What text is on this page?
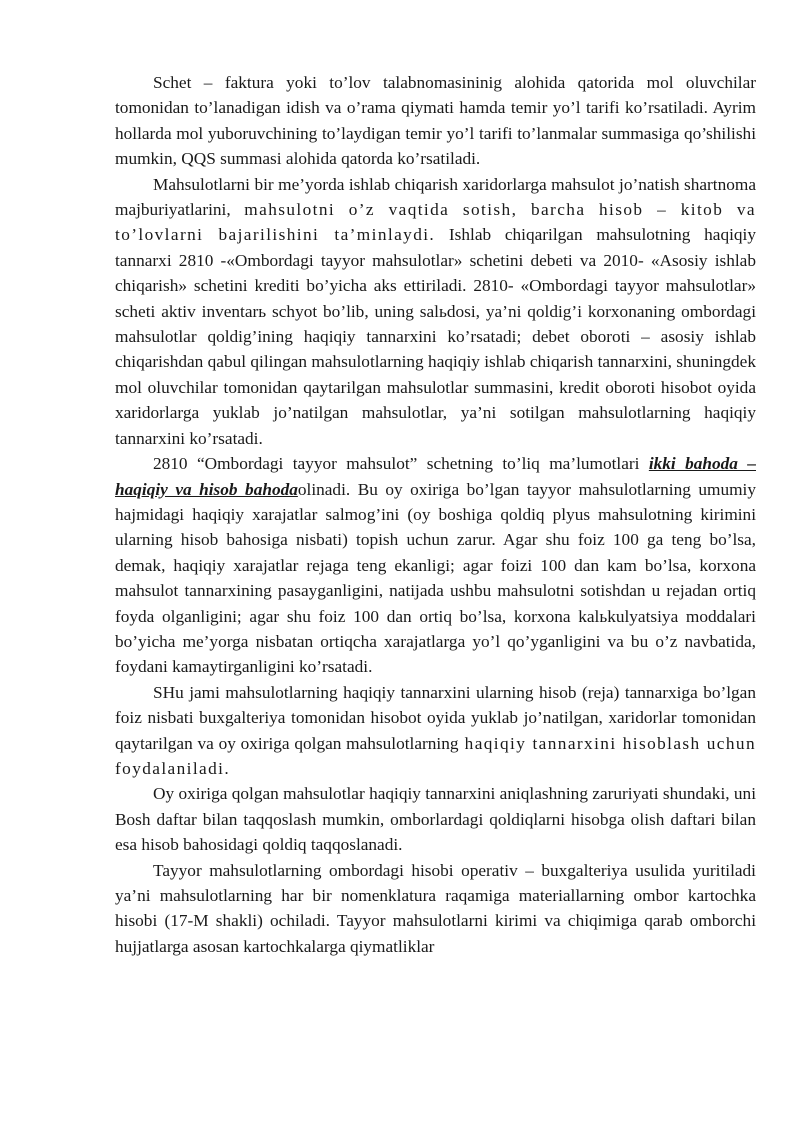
Schet – faktura yoki to’lov talabnomasininig alohida qatorida mol oluvchilar tomonidan to’lanadigan idish va o’rama qiymati hamda temir yo’l tarifi ko’rsatiladi. Ayrim hollarda mol yuboruvchining to’laydigan temir yo’l tarifi to’lanmalar summasiga qo’shilishi mumkin, QQS summasi alohida qatorda ko’rsatiladi.

Mahsulotlarni bir me’yorda ishlab chiqarish xaridorlarga mahsulot jo’natish shartnoma majburiyatlarini, mahsulotni o’z vaqtida sotish, barcha hisob – kitob va to’lovlarni bajarilishini ta’minlaydi. Ishlab chiqarilgan mahsulotning haqiqiy tannarxi 2810 -«Ombordagi tayyor mahsulotlar» schetini debeti va 2010- «Asosiy ishlab chiqarish» schetini krediti bo’yicha aks ettiriladi. 2810- «Ombordagi tayyor mahsulotlar» scheti aktiv inventarь schyot bo’lib, uning salьdosi, ya’ni qoldig’i korxonaning ombordagi mahsulotlar qoldig’ining haqiqiy tannarxini ko’rsatadi; debet oboroti – asosiy ishlab chiqarishdan qabul qilingan mahsulotlarning haqiqiy ishlab chiqarish tannarxini, shuningdek mol oluvchilar tomonidan qaytarilgan mahsulotlar summasini, kredit oboroti hisobot oyida xaridorlarga yuklab jo’natilgan mahsulotlar, ya’ni sotilgan mahsulotlarning haqiqiy tannarxini ko’rsatadi.

2810 “Ombordagi tayyor mahsulot” schetning to’liq ma’lumotlari ikki bahoda – haqiqiy va hisob bahodaolinadi. Bu oy oxiriga bo’lgan tayyor mahsulotlarning umumiy hajmidagi haqiqiy xarajatlar salmog’ini (oy boshiga qoldiq plyus mahsulotning kirimini ularning hisob bahosiga nisbati) topish uchun zarur. Agar shu foiz 100 ga teng bo’lsa, demak, haqiqiy xarajatlar rejaga teng ekanligi; agar foizi 100 dan kam bo’lsa, korxona mahsulot tannarxining pasayganligini, natijada ushbu mahsulotni sotishdan u rejadan ortiq foyda olganligini; agar shu foiz 100 dan ortiq bo’lsa, korxona kalьkulyatsiya moddalari bo’yicha me’yorga nisbatan ortiqcha xarajatlarga yo’l qo’yganligini va bu o’z navbatida, foydani kamaytirganligini ko’rsatadi.

SHu jami mahsulotlarning haqiqiy tannarxini ularning hisob (reja) tannarxiga bo’lgan foiz nisbati buxgalteriya tomonidan hisobot oyida yuklab jo’natilgan, xaridorlar tomonidan qaytarilgan va oy oxiriga qolgan mahsulotlarning haqiqiy tannarxini hisoblash uchun foydalaniladi.

Oy oxiriga qolgan mahsulotlar haqiqiy tannarxini aniqlashning zaruriyati shundaki, uni Bosh daftar bilan taqqoslash mumkin, omborlardagi qoldiqlarni hisobga olish daftari bilan esa hisob bahosidagi qoldiq taqqoslanadi.

Tayyor mahsulotlarning ombordagi hisobi operativ – buxgalteriya usulida yuritiladi ya’ni mahsulotlarning har bir nomenklatura raqamiga materiallarning ombor kartochka hisobi (17-M shakli) ochiladi. Tayyor mahsulotlarni kirimi va chiqimiga qarab omborchi hujjatlarga asosan kartochkalarga qiymatliklar
